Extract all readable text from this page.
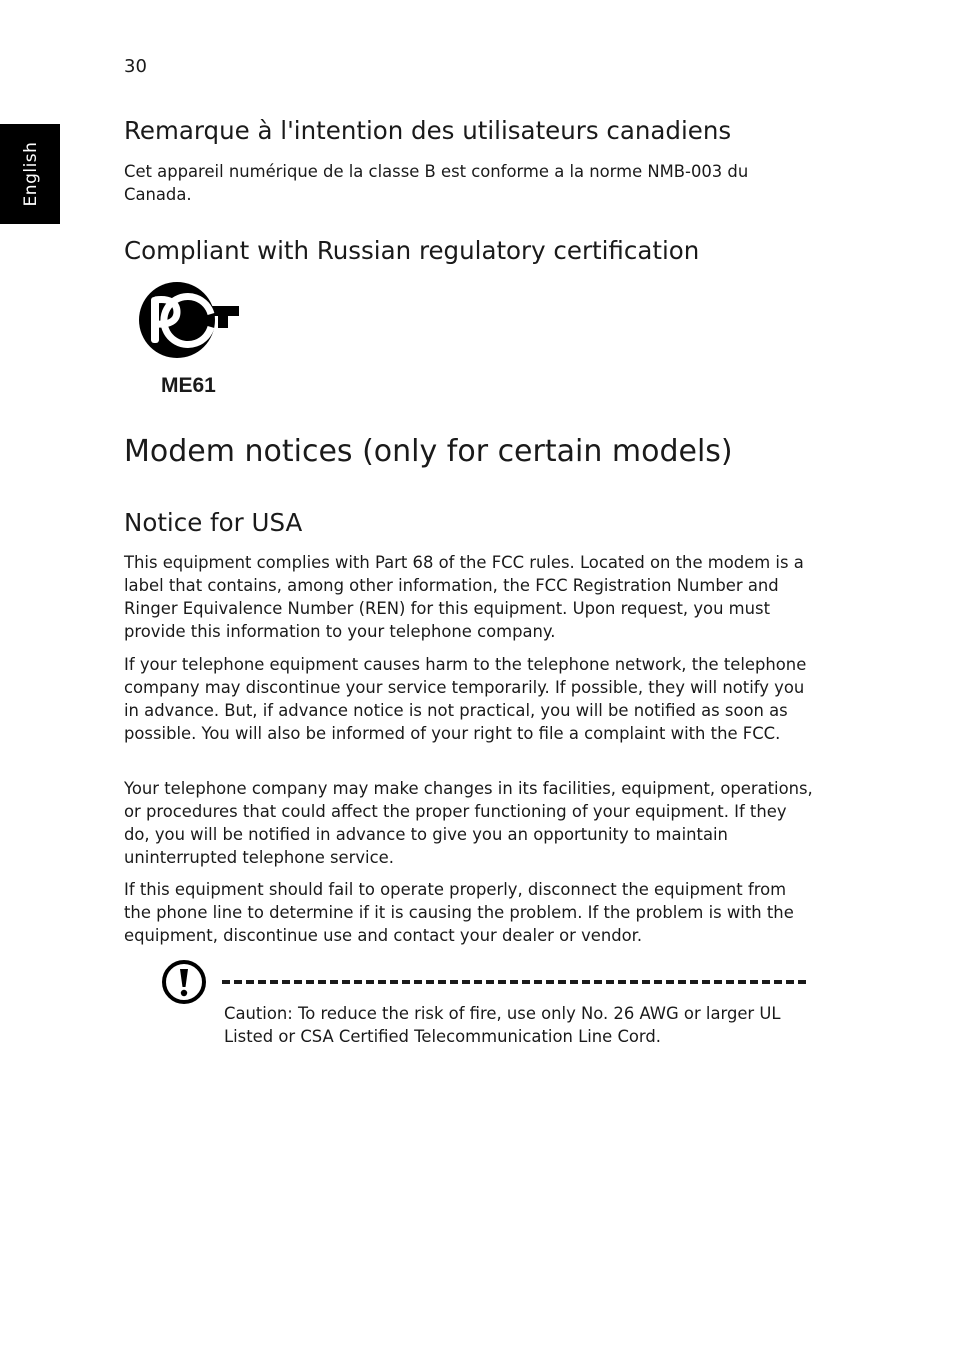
30
English
Remarque à l'intention des utilisateurs canadiens

Cet appareil numérique de la classe B est conforme a la norme NMB-003 du Canada.

Compliant with Russian regulatory certification
ME61
Modem notices (only for certain models)
Notice for USA

This equipment complies with Part 68 of the FCC rules. Located on the modem is a label that contains, among other information, the FCC Registration Number and Ringer Equivalence Number (REN) for this equipment. Upon request, you must provide this information to your telephone company.

If your telephone equipment causes harm to the telephone network, the telephone company may discontinue your service temporarily. If possible, they will notify you in advance. But, if advance notice is not practical, you will be notified as soon as possible. You will also be informed of your right to file a complaint with the FCC.

Your telephone company may make changes in its facilities, equipment, operations, or procedures that could affect the proper functioning of your equipment. If they do, you will be notified in advance to give you an opportunity to maintain uninterrupted telephone service.

If this equipment should fail to operate properly, disconnect the equipment from the phone line to determine if it is causing the problem. If the problem is with the equipment, discontinue use and contact your dealer or vendor.

Caution: To reduce the risk of fire, use only No. 26 AWG or larger UL Listed or CSA Certified Telecommunication Line Cord.
